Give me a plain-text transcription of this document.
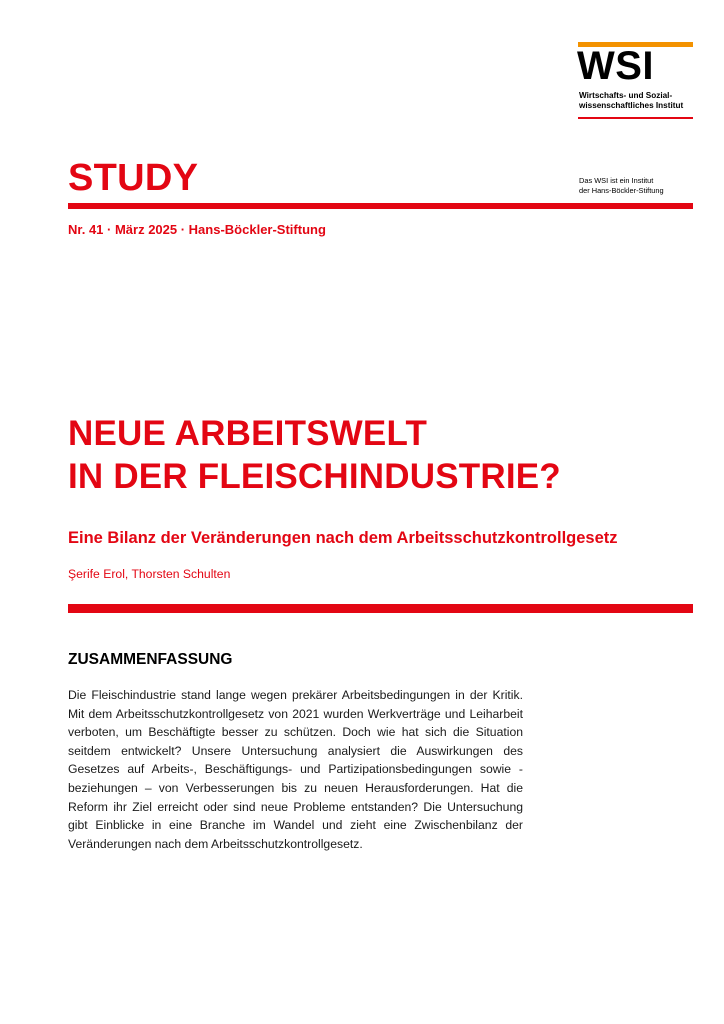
WSI
Wirtschafts- und Sozial-
wissenschaftliches Institut
Das WSI ist ein Institut
der Hans-Böckler-Stiftung
STUDY
Nr. 41 · März 2025 · Hans-Böckler-Stiftung
NEUE ARBEITSWELT
IN DER FLEISCHINDUSTRIE?
Eine Bilanz der Veränderungen nach dem Arbeitsschutzkontrollgesetz
Şerife Erol, Thorsten Schulten
ZUSAMMENFASSUNG

Die Fleischindustrie stand lange wegen prekärer Arbeitsbedingungen in der Kritik. Mit dem Arbeitsschutzkontrollgesetz von 2021 wurden Werkverträge und Leiharbeit verboten, um Beschäftigte besser zu schützen. Doch wie hat sich die Situation seitdem entwickelt? Unsere Untersuchung analysiert die Auswirkungen des Gesetzes auf Arbeits-, Beschäftigungs- und Partizipationsbedingungen sowie -beziehungen – von Verbesserungen bis zu neuen Herausforderungen. Hat die Reform ihr Ziel erreicht oder sind neue Probleme entstanden? Die Untersuchung gibt Einblicke in eine Branche im Wandel und zieht eine Zwischenbilanz der Veränderungen nach dem Arbeitsschutzkontrollgesetz.
